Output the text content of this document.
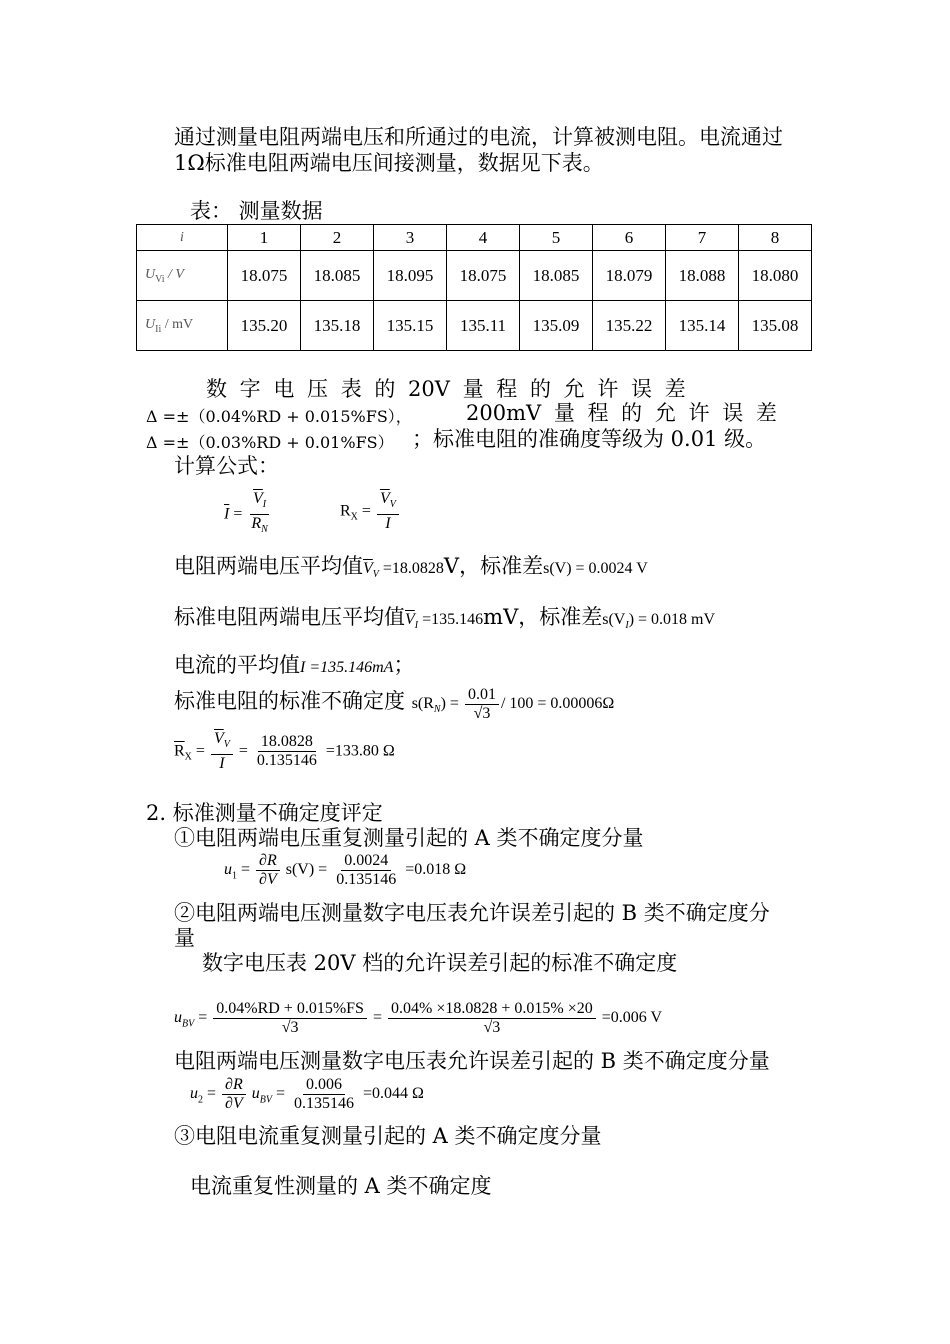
通过测量电阻两端电压和所通过的电流，计算被测电阻。电流通过
1Ω标准电阻两端电压间接测量，数据见下表。
表： 测量数据
i	1	2	3	4	5	6	7	8
$U_{Vi}$ / V	18.075	18.085	18.095	18.075	18.085	18.079	18.088	18.080
$U_{Ii}$ / mV	135.20	135.18	135.15	135.11	135.09	135.22	135.14	135.08
数 字 电 压 表 的 20V 量 程 的 允 许 误 差
Δ =±（0.04%RD + 0.015%FS），	200mV 量 程 的 允 许 误 差
Δ =±（0.03%RD + 0.01%FS） ；标准电阻的准确度等级为 0.01 级。
计算公式：
$\overline{I} = \frac{\overline{V}_I}{R_N}$	$R_X = \frac{\overline{V}_V}{I}$
电阻两端电压平均值$\overline{V}_V =18.0828V$，标准差s(V) = 0.0024 V
标准电阻两端电压平均值$\overline{V}_I =135.146mV$，标准差$s(V_I) = 0.018$ mV
电流的平均值I =135.146mA；
标准电阻的标准不确定度 $s(R_N) = \frac{0.01}{√3} / 100 = 0.00006\Omega$
$\overline{R}_X = \frac{\overline{V}_V}{I} = \frac{18.0828}{0.135146} =133.80$ Ω
2. 标准测量不确定度评定
①电阻两端电压重复测量引起的 A 类不确定度分量
$u_1 = \frac{\partial R}{\partial V} s(V) = \frac{0.0024}{0.135146} =0.018$ Ω
②电阻两端电压测量数字电压表允许误差引起的 B 类不确定度分
量
数字电压表 20V 档的允许误差引起的标准不确定度
$u_{BV} = \frac{0.04\%RD + 0.015\%FS}{√3} = \frac{0.04\% \times 18.0828 + 0.015\% \times 20}{√3} =0.006$ V
电阻两端电压测量数字电压表允许误差引起的 B 类不确定度分量
$u_2 = \frac{\partial R}{\partial V} u_{BV} = \frac{0.006}{0.135146} =0.044$ Ω
③电阻电流重复测量引起的 A 类不确定度分量
电流重复性测量的 A 类不确定度
